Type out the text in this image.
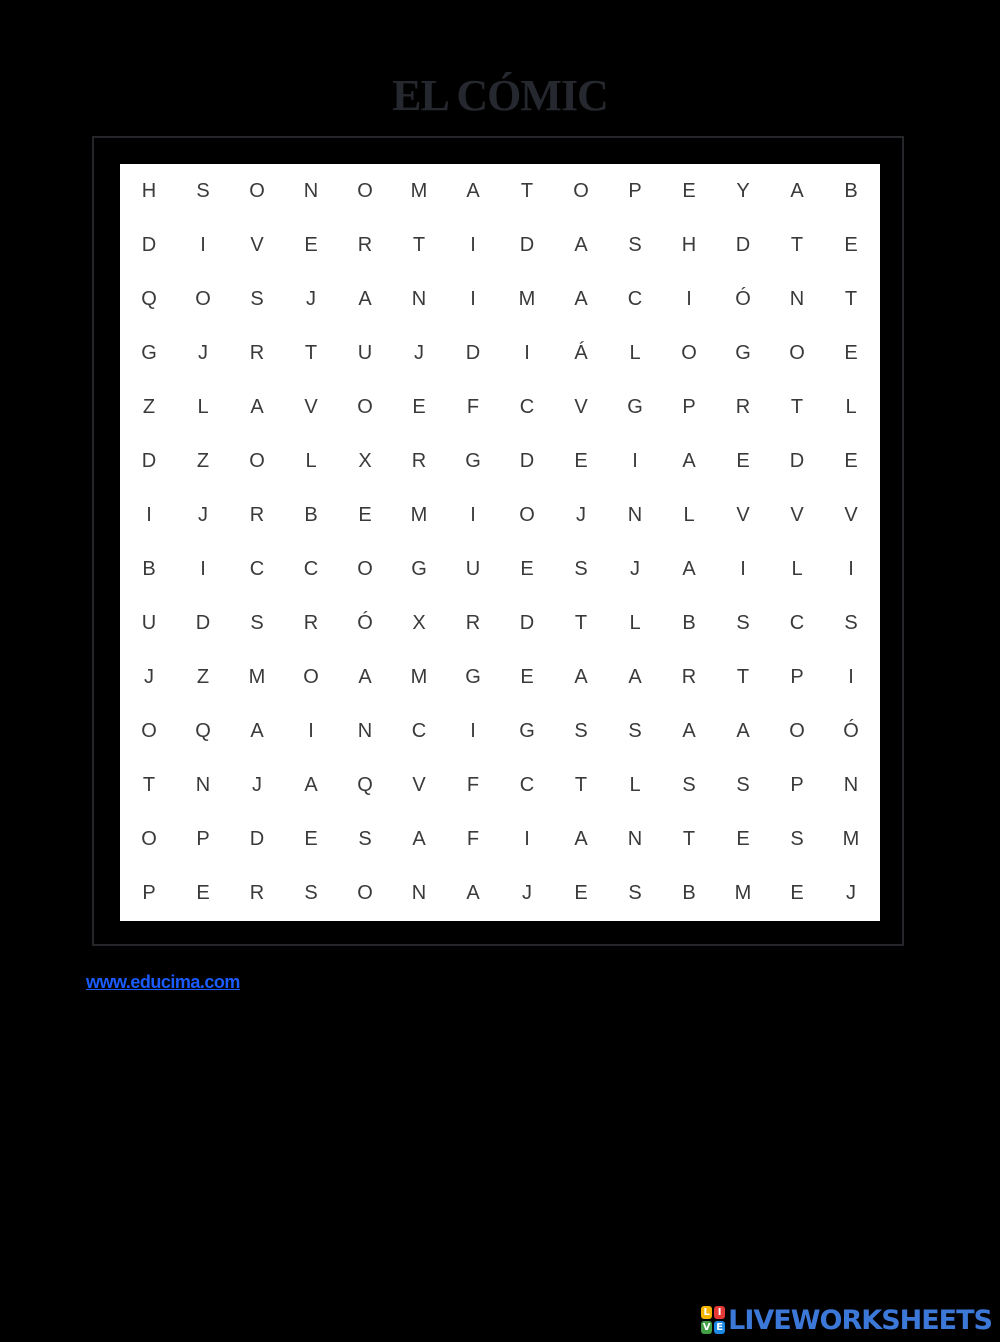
EL CÓMIC
H	S	O	N	O	M	A	T	O	P	E	Y	A	B
D	I	V	E	R	T	I	D	A	S	H	D	T	E
Q	O	S	J	A	N	I	M	A	C	I	Ó	N	T
G	J	R	T	U	J	D	I	Á	L	O	G	O	E
Z	L	A	V	O	E	F	C	V	G	P	R	T	L
D	Z	O	L	X	R	G	D	E	I	A	E	D	E
I	J	R	B	E	M	I	O	J	N	L	V	V	V
B	I	C	C	O	G	U	E	S	J	A	I	L	I
U	D	S	R	Ó	X	R	D	T	L	B	S	C	S
J	Z	M	O	A	M	G	E	A	A	R	T	P	I
O	Q	A	I	N	C	I	G	S	S	A	A	O	Ó
T	N	J	A	Q	V	F	C	T	L	S	S	P	N
O	P	D	E	S	A	F	I	A	N	T	E	S	M
P	E	R	S	O	N	A	J	E	S	B	M	E	J
www.educima.com
L I
V E LIVEWORKSHEETS
